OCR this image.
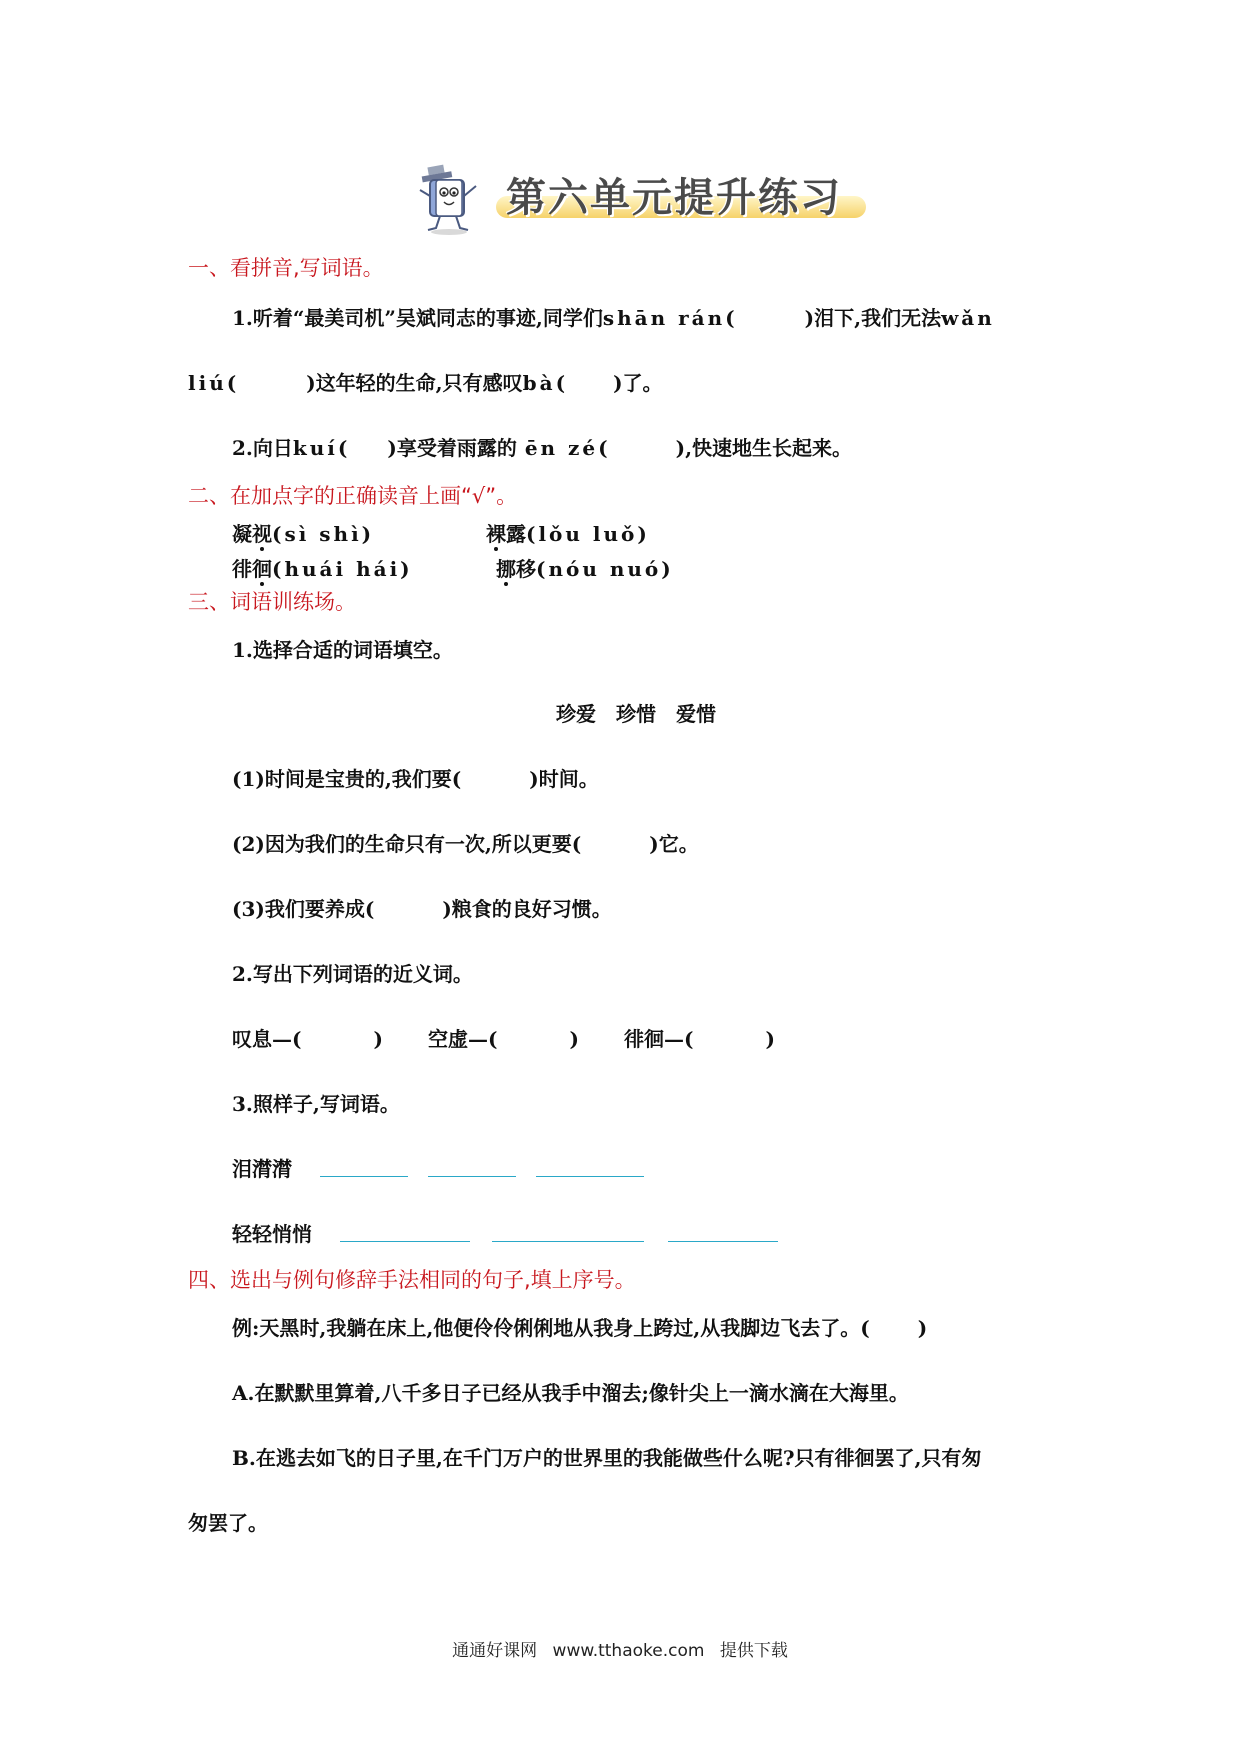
第六单元提升练习
一、看拼音,写词语。
1.听着“最美司机”吴斌同志的事迹,同学们shān rán(	)泪下,我们无法wǎn
liú(	)这年轻的生命,只有感叹bà( )了。
2.向日kuí( )享受着雨露的 ēn zé(	),快速地生长起来。
二、在加点字的正确读音上画“√”。
凝视(sì shì)	裸露(lǒu luǒ)
徘徊(huái hái)	挪移(nóu nuó)
三、词语训练场。
1.选择合适的词语填空。
珍爱　珍惜　爱惜
(1)时间是宝贵的,我们要(	)时间。
(2)因为我们的生命只有一次,所以更要(	)它。
(3)我们要养成(	)粮食的良好习惯。
2.写出下列词语的近义词。
叹息—(	) 空虚—(	) 徘徊—(	)
3.照样子,写词语。
泪潸潸
轻轻悄悄
四、选出与例句修辞手法相同的句子,填上序号。
例:天黑时,我躺在床上,他便伶伶俐俐地从我身上跨过,从我脚边飞去了。( )
A.在默默里算着,八千多日子已经从我手中溜去;像针尖上一滴水滴在大海里。
B.在逃去如飞的日子里,在千门万户的世界里的我能做些什么呢?只有徘徊罢了,只有匆
匆罢了。
通通好课网 www.tthaoke.com 提供下载
